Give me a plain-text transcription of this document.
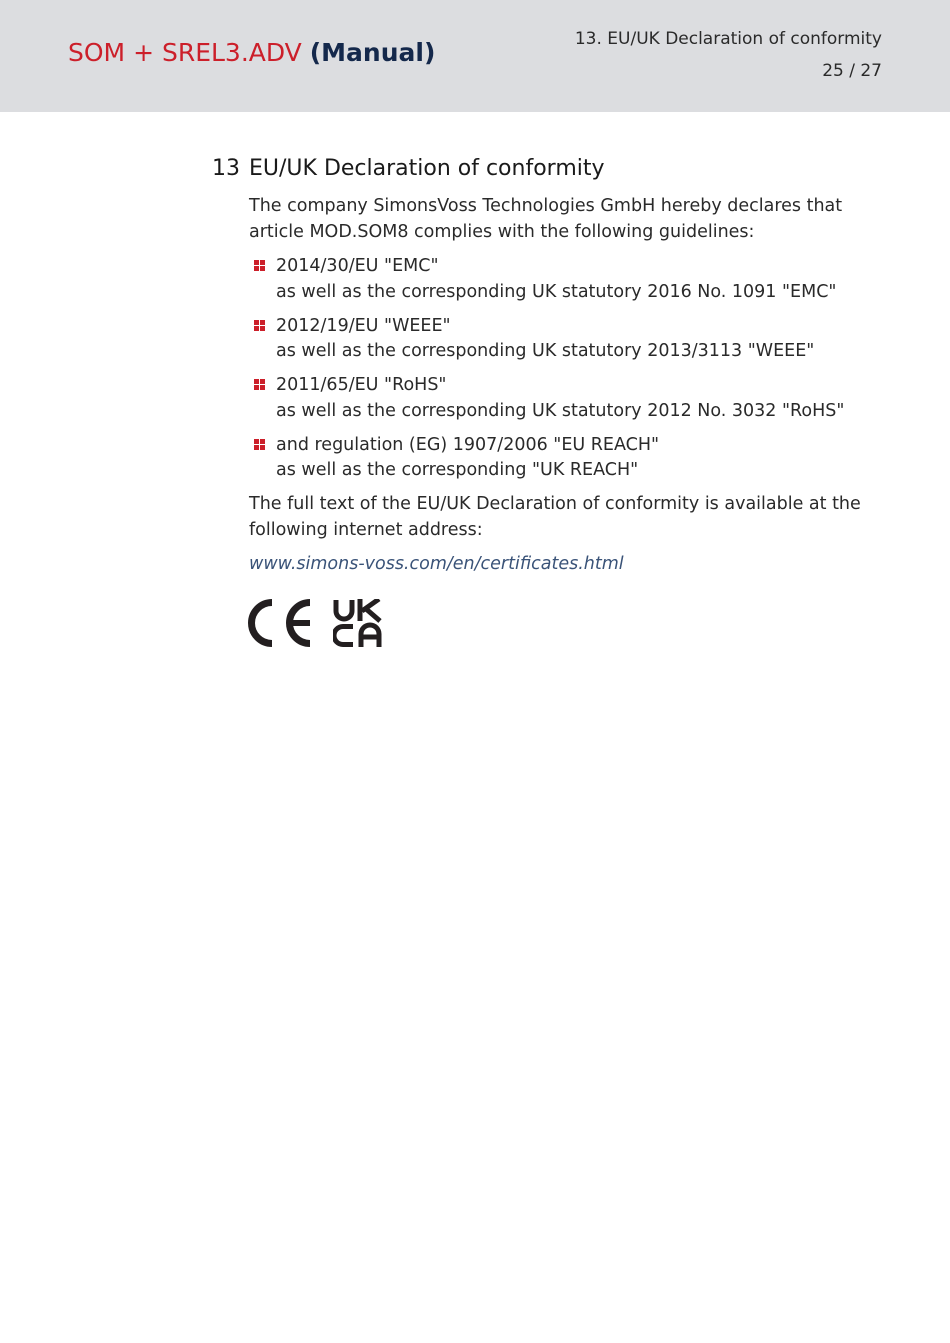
SOM + SREL3.ADV (Manual)	13. EU/UK Declaration of conformity
25 / 27
13 EU/UK Declaration of conformity

The company SimonsVoss Technologies GmbH hereby declares that
article MOD.SOM8 complies with the following guidelines:

2014/30/EU "EMC"
as well as the corresponding UK statutory 2016 No. 1091 "EMC"
2012/19/EU "WEEE"
as well as the corresponding UK statutory 2013/3113 "WEEE"
2011/65/EU "RoHS"
as well as the corresponding UK statutory 2012 No. 3032 "RoHS"
and regulation (EG) 1907/2006 "EU REACH"
as well as the corresponding "UK REACH"

The full text of the EU/UK Declaration of conformity is available at the
following internet address:

www.simons-voss.com/en/certificates.html
